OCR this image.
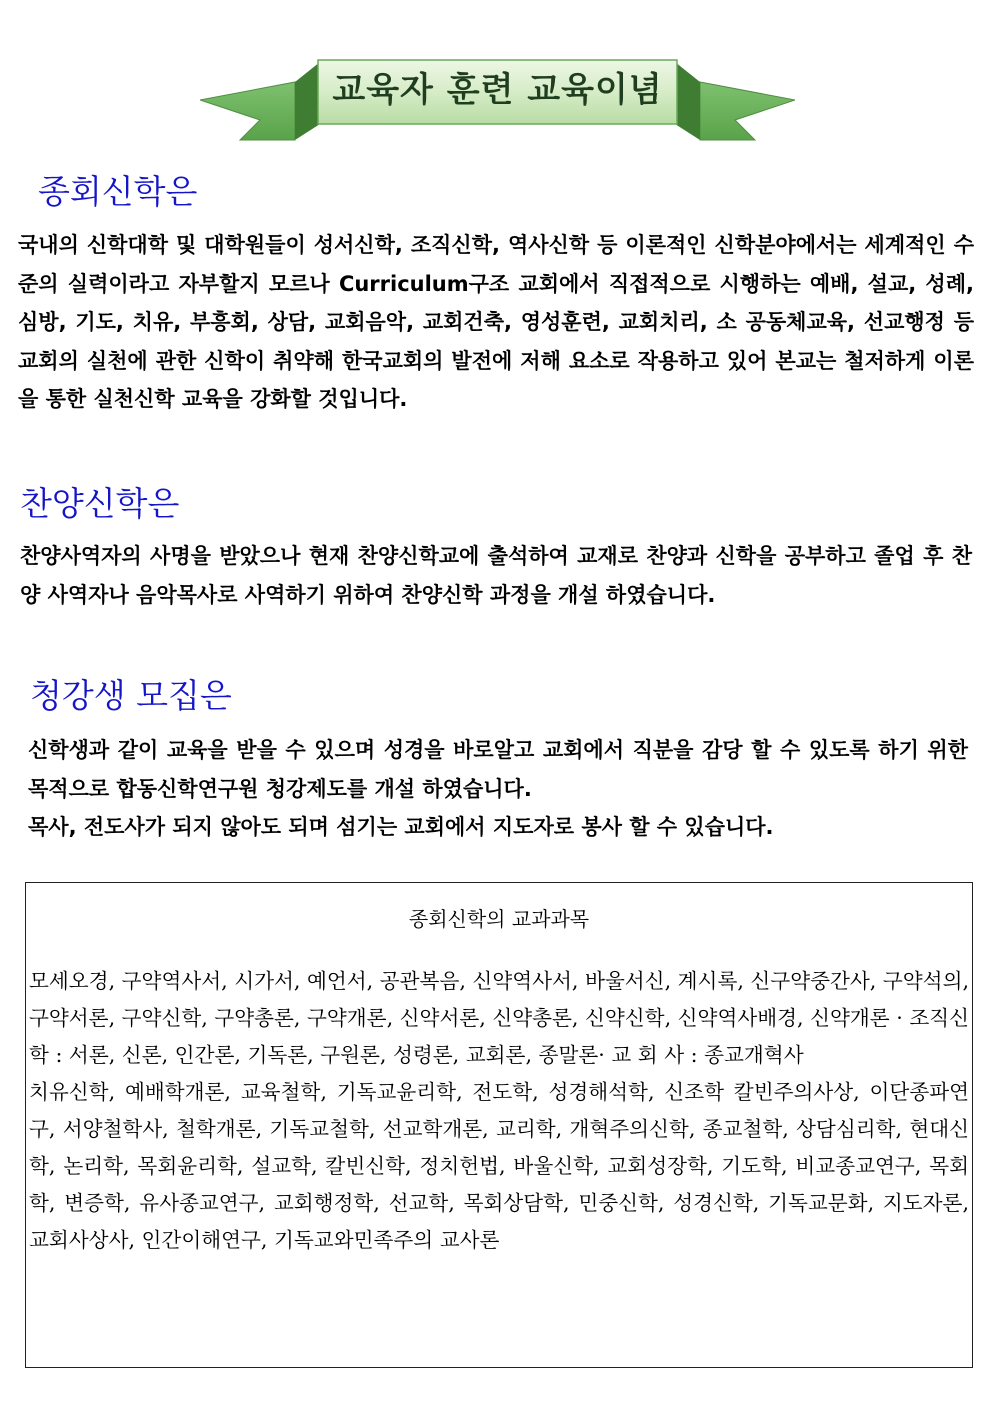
교육자 훈련 교육이념
종회신학은

국내의 신학대학 및 대학원들이 성서신학, 조직신학, 역사신학 등 이론적인 신학분야에서는 세계적인 수준의 실력이라고 자부할지 모르나 Curriculum구조 교회에서 직접적으로 시행하는 예배, 설교, 성례, 심방, 기도, 치유, 부흥회, 상담, 교회음악, 교회건축, 영성훈련, 교회치리, 소 공동체교육, 선교행정 등 교회의 실천에 관한 신학이 취약해 한국교회의 발전에 저해 요소로 작용하고 있어 본교는 철저하게 이론을 통한 실천신학 교육을 강화할 것입니다.

찬양신학은

찬양사역자의 사명을 받았으나 현재 찬양신학교에 출석하여 교재로 찬양과 신학을 공부하고 졸업 후 찬양 사역자나 음악목사로 사역하기 위하여 찬양신학 과정을 개설 하였습니다.

청강생 모집은

신학생과 같이 교육을 받을 수 있으며 성경을 바로알고 교회에서 직분을 감당 할 수 있도록 하기 위한 목적으로 합동신학연구원 청강제도를 개설 하였습니다.

목사, 전도사가 되지 않아도 되며 섬기는 교회에서 지도자로 봉사 할 수 있습니다.

종회신학의 교과과목

모세오경, 구약역사서, 시가서, 예언서, 공관복음, 신약역사서, 바울서신, 계시록, 신구약중간사, 구약석의, 구약서론, 구약신학, 구약총론, 구약개론, 신약서론, 신약총론, 신약신학, 신약역사배경, 신약개론 · 조직신학 : 서론, 신론, 인간론, 기독론, 구원론, 성령론, 교회론, 종말론· 교 회 사 : 종교개혁사
치유신학, 예배학개론, 교육철학, 기독교윤리학, 전도학, 성경해석학, 신조학 칼빈주의사상, 이단종파연구, 서양철학사, 철학개론, 기독교철학, 선교학개론, 교리학, 개혁주의신학, 종교철학, 상담심리학, 현대신학, 논리학, 목회윤리학, 설교학, 칼빈신학, 정치헌법, 바울신학, 교회성장학, 기도학, 비교종교연구, 목회학, 변증학, 유사종교연구, 교회행정학, 선교학, 목회상담학, 민중신학, 성경신학, 기독교문화, 지도자론, 교회사상사, 인간이해연구, 기독교와민족주의 교사론
